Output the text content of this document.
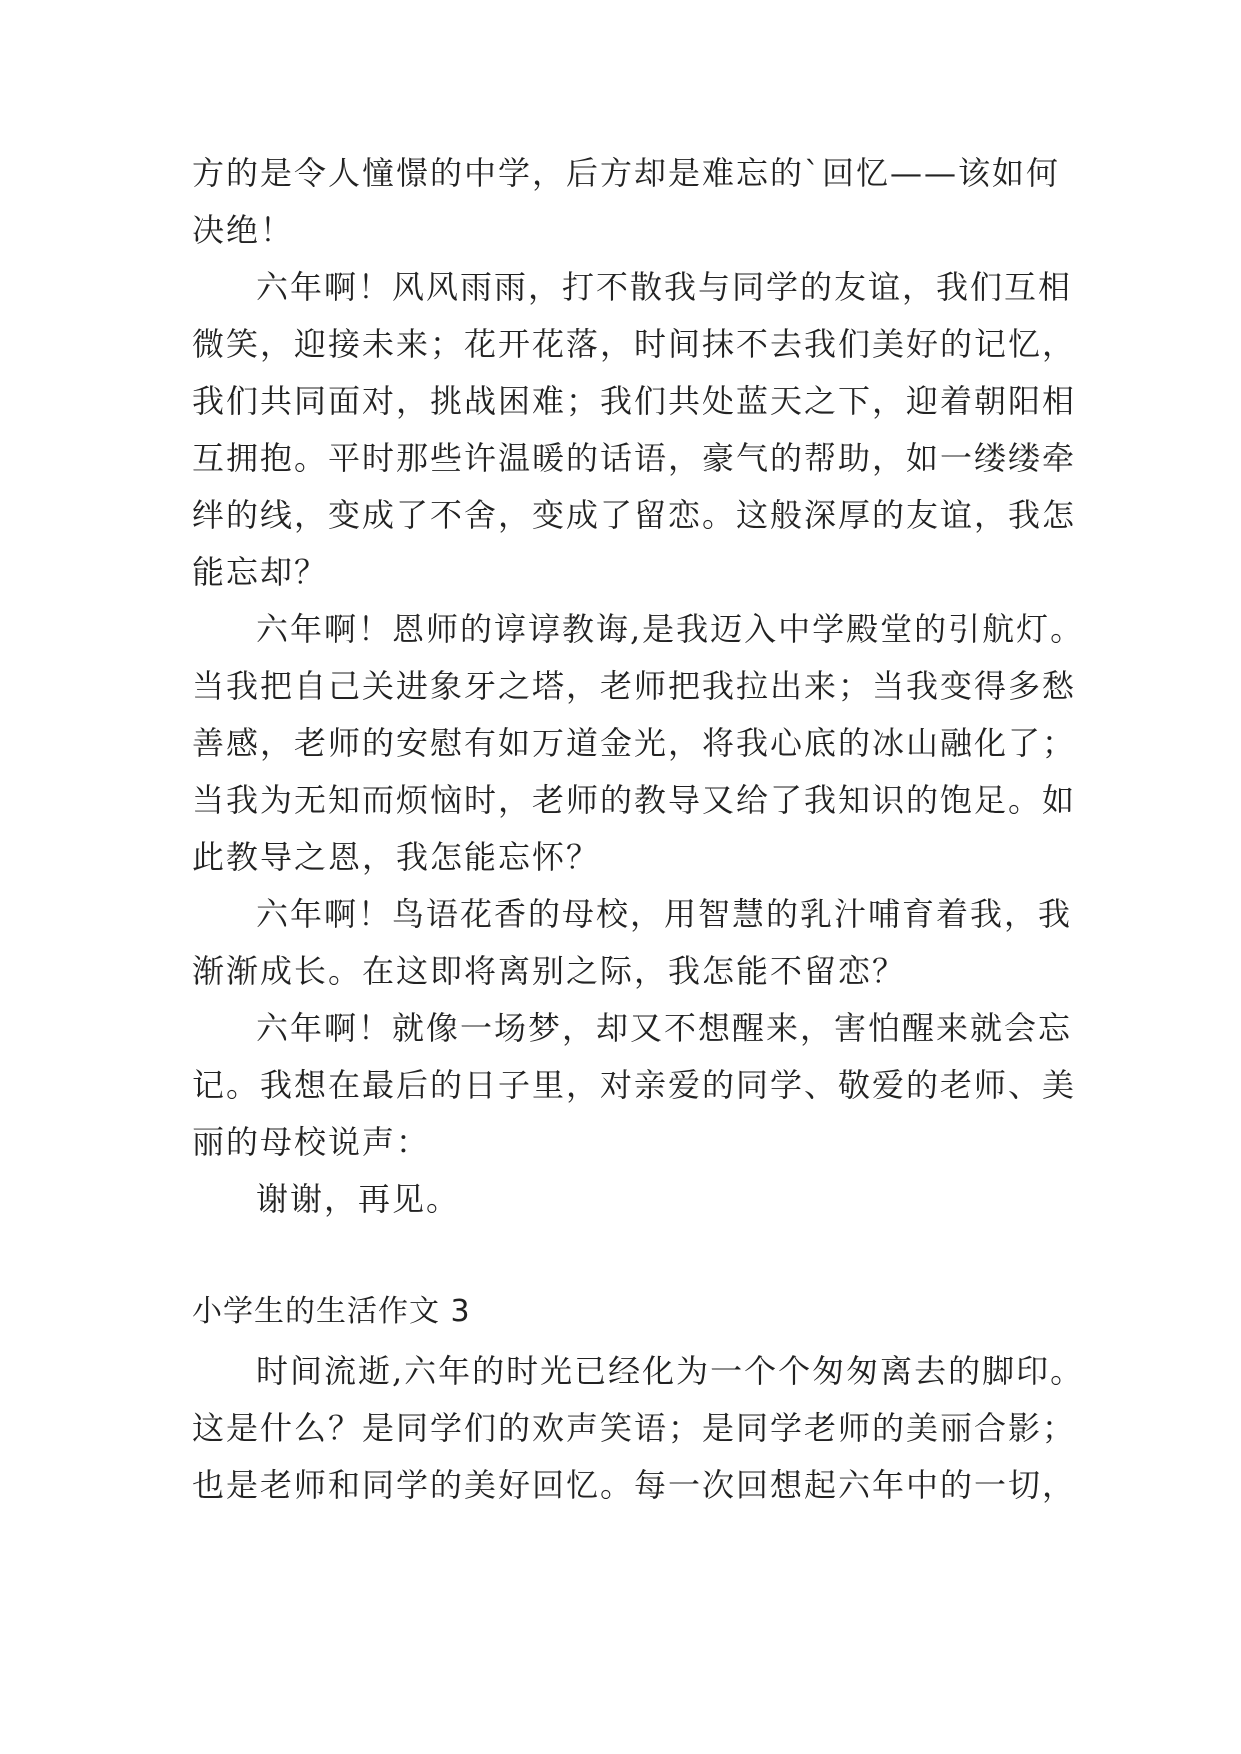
方的是令人憧憬的中学，后方却是难忘的`回忆——该如何
决绝！
六年啊！风风雨雨，打不散我与同学的友谊，我们互相
微笑，迎接未来；花开花落，时间抹不去我们美好的记忆，
我们共同面对，挑战困难；我们共处蓝天之下，迎着朝阳相
互拥抱。平时那些许温暖的话语，豪气的帮助，如一缕缕牵
绊的线，变成了不舍，变成了留恋。这般深厚的友谊，我怎
能忘却？
六年啊！恩师的谆谆教诲,是我迈入中学殿堂的引航灯。
当我把自己关进象牙之塔，老师把我拉出来；当我变得多愁
善感，老师的安慰有如万道金光，将我心底的冰山融化了；
当我为无知而烦恼时，老师的教导又给了我知识的饱足。如
此教导之恩，我怎能忘怀？
六年啊！鸟语花香的母校，用智慧的乳汁哺育着我，我
渐渐成长。在这即将离别之际，我怎能不留恋？
六年啊！就像一场梦，却又不想醒来，害怕醒来就会忘
记。我想在最后的日子里，对亲爱的同学、敬爱的老师、美
丽的母校说声：
谢谢，再见。
小学生的生活作文 3
时间流逝,六年的时光已经化为一个个匆匆离去的脚印。
这是什么？是同学们的欢声笑语；是同学老师的美丽合影；
也是老师和同学的美好回忆。每一次回想起六年中的一切，
